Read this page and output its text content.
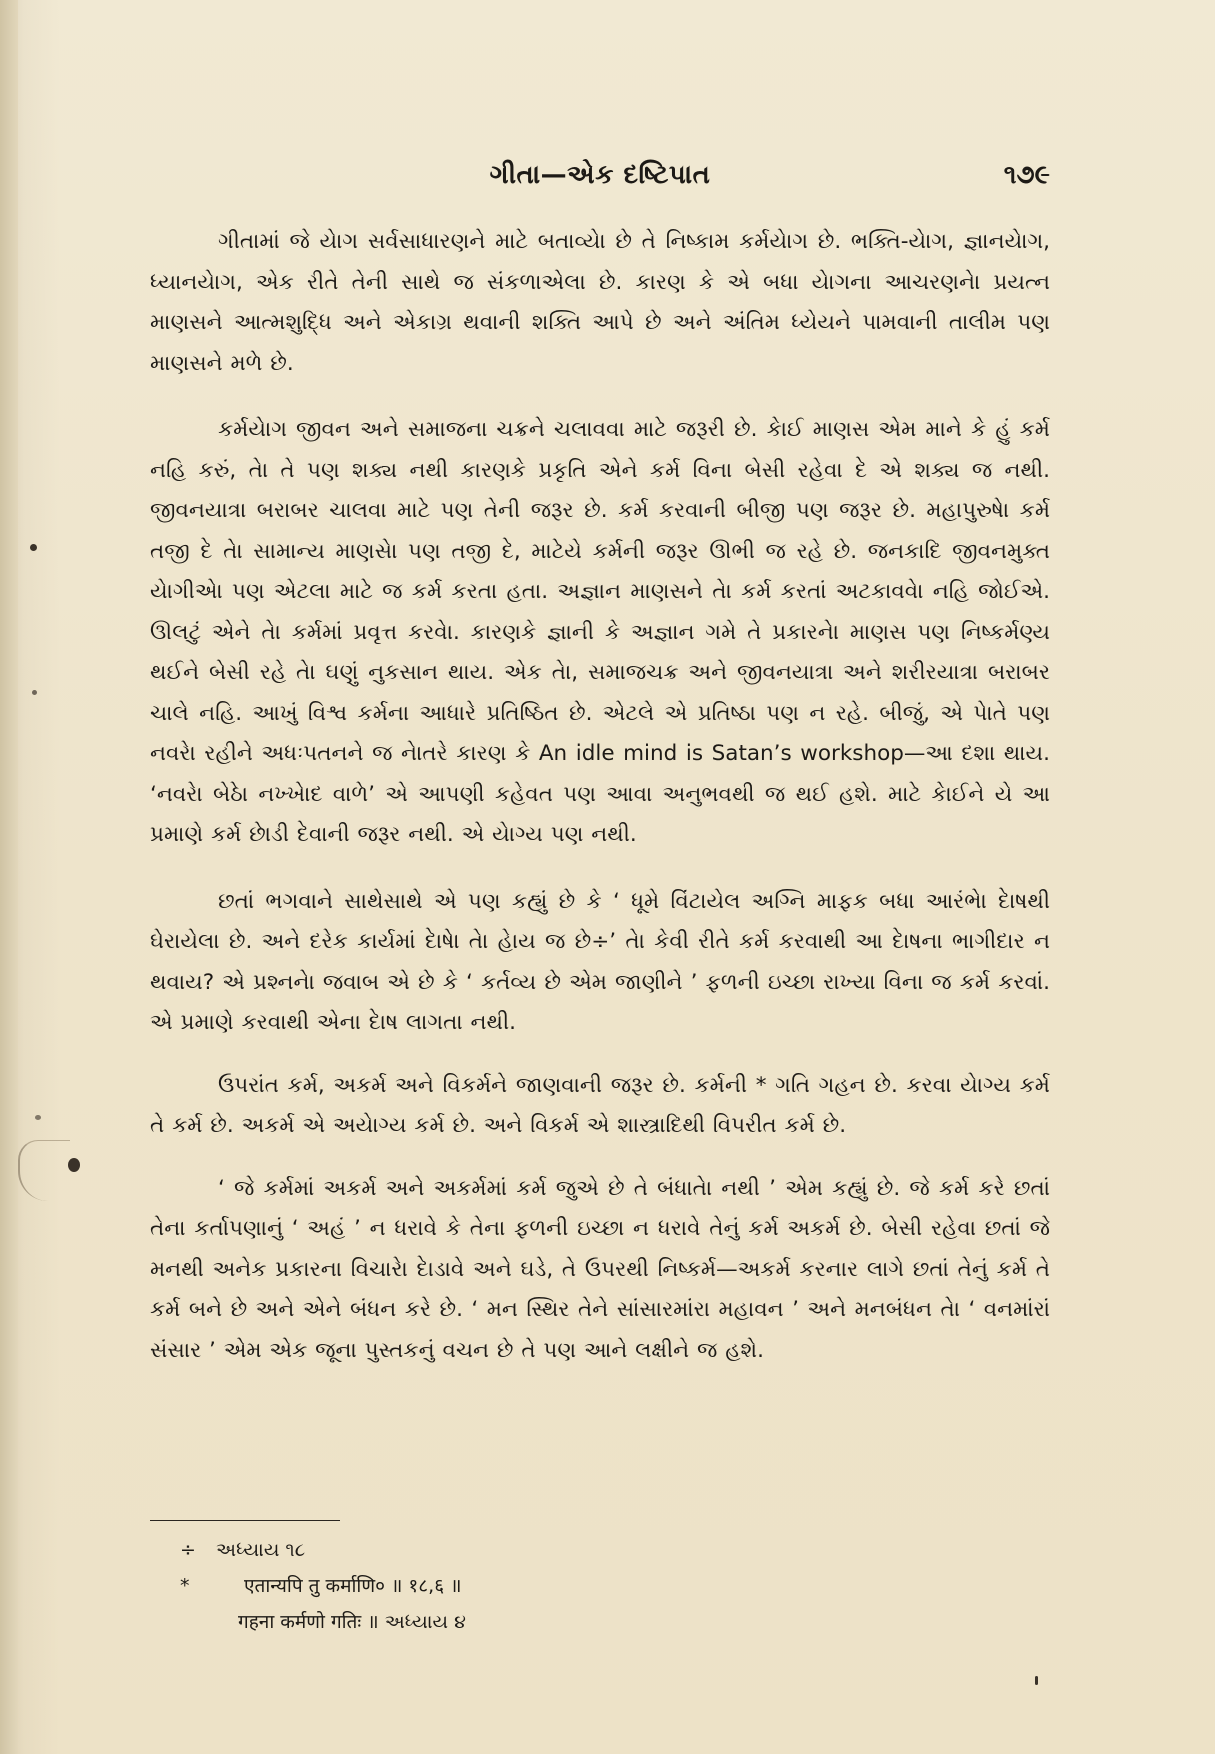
ગીતા—એક દષ્ટિપાત	૧૭૯

ગીતામાં જે યેાગ સર્વસાધારણને માટે બતાવ્યેા છે તે નિષ્કામ કર્મયેાગ છે. ભક્તિ-યેાગ, જ્ઞાનયેાગ, ધ્યાનયેાગ, એક રીતે તેની સાથે જ સંકળાએલા છે. કારણ કે એ બધા યેાગના આચરણનેા પ્રયત્ન માણસને આત્મશુદ્ધિ અને એકાગ્ર થવાની શક્તિ આપે છે અને અંતિમ ધ્યેયને પામવાની તાલીમ પણ માણસને મળે છે.

કર્મયેાગ જીવન અને સમાજના ચક્રને ચલાવવા માટે જરૂરી છે. કેાઈ માણસ એમ માને કે હું કર્મ નહિ કરું, તેા તે પણ શક્ય નથી કારણકે પ્રકૃતિ એને કર્મ વિના બેસી રહેવા દે એ શક્ય જ નથી. જીવનયાત્રા બરાબર ચાલવા માટે પણ તેની જરૂર છે. કર્મ કરવાની બીજી પણ જરૂર છે. મહાપુરુષેા કર્મ તજી દે તેા સામાન્ય માણસેા પણ તજી દે, માટેયે કર્મની જરૂર ઊભી જ રહે છે. જનકાદિ જીવનમુક્ત યેાગીએા પણ એટલા માટે જ કર્મ કરતા હતા. અજ્ઞાન માણસને તેા કર્મ કરતાં અટકાવવેા નહિ જોઈએ. ઊલટું એને તેા કર્મમાં પ્રવૃત્ત કરવેા. કારણકે જ્ઞાની કે અજ્ઞાન ગમે તે પ્રકારનેા માણસ પણ નિષ્કર્મણ્ય થઈને બેસી રહે તેા ઘણું નુકસાન થાય. એક તેા, સમાજચક્ર અને જીવનયાત્રા અને શરીરયાત્રા બરાબર ચાલે નહિ. આખું વિશ્વ કર્મના આધારે પ્રતિષ્ઠિત છે. એટલે એ પ્રતિષ્ઠા પણ ન રહે. બીજું, એ પેાતે પણ નવરેા રહીને અધઃપતનને જ નેાતરે કારણ કે An idle mind is Satan’s workshop—આ દશા થાય. ‘નવરેા બેઠેા નખ્ખેાદ વાળે’ એ આપણી કહેવત પણ આવા અનુભવથી જ થઈ હશે. માટે કેાઈને યે આ પ્રમાણે કર્મ છેાડી દેવાની જરૂર નથી. એ યેાગ્ય પણ નથી.

છતાં ભગવાને સાથેસાથે એ પણ કહ્યું છે કે ‘ ધૂમે વિંટાયેલ અગ્નિ માફક બધા આરંભેા દેાષથી ઘેરાયેલા છે. અને દરેક કાર્યમાં દેાષેા તેા હેાય જ છે÷’ તેા કેવી રીતે કર્મ કરવાથી આ દેાષના ભાગીદાર ન થવાય? એ પ્રશ્નનેા જવાબ એ છે કે ‘ કર્તવ્ય છે એમ જાણીને ’ ફળની ઇચ્છા રાખ્યા વિના જ કર્મ કરવાં. એ પ્રમાણે કરવાથી એના દેાષ લાગતા નથી.

ઉપરાંત કર્મ, અકર્મ અને વિકર્મને જાણવાની જરૂર છે. કર્મની * ગતિ ગહન છે. કરવા યેાગ્ય કર્મ તે કર્મ છે. અકર્મ એ અયેાગ્ય કર્મ છે. અને વિકર્મ એ શાસ્ત્રાદિથી વિપરીત કર્મ છે.

‘ જે કર્મમાં અકર્મ અને અકર્મમાં કર્મ જુએ છે તે બંધાતેા નથી ’ એમ કહ્યું છે. જે કર્મ કરે છતાં તેના કર્તાપણાનું ‘ અહં ’ ન ધરાવે કે તેના ફળની ઇચ્છા ન ધરાવે તેનું કર્મ અકર્મ છે. બેસી રહેવા છતાં જે મનથી અનેક પ્રકારના વિચારેા દેાડાવે અને ઘડે, તે ઉપરથી નિષ્કર્મ—અકર્મ કરનાર લાગે છતાં તેનું કર્મ તે કર્મ બને છે અને એને બંધન કરે છે. ‘ મન સ્થિર તેને સાંસારમાંરા મહાવન ’ અને મનબંધન તેા ‘ વનમાંરાં સંસાર ’ એમ એક જૂના પુસ્તકનું વચન છે તે પણ આને લક્ષીને જ હશે.

÷ અધ્યાય ૧૮
*	एतान्यपि तु कर्माणि० ॥ १८,६ ॥
गहना कर्मणो गतिः ॥ અધ્યાય ૪
